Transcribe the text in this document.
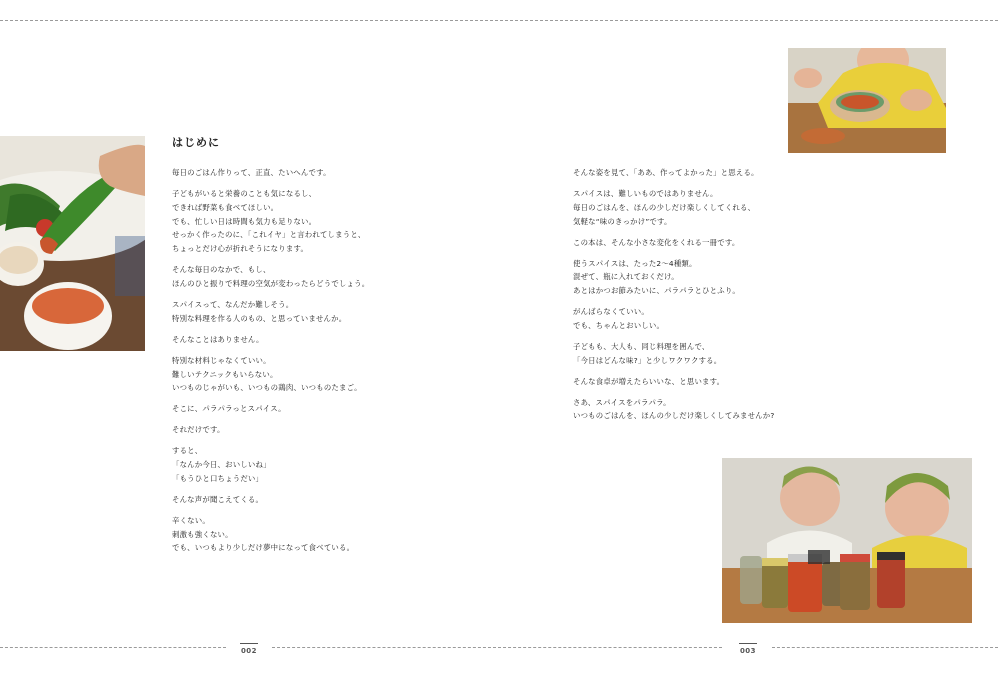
はじめに

毎日のごはん作りって、正直、たいへんです。

子どもがいると栄養のことも気になるし、
できれば野菜も食べてほしい。
でも、忙しい日は時間も気力も足りない。
せっかく作ったのに、「これイヤ」と言われてしまうと、
ちょっとだけ心が折れそうになります。

そんな毎日のなかで、もし、
ほんのひと振りで料理の空気が変わったらどうでしょう。

スパイスって、なんだか難しそう。
特別な料理を作る人のもの、と思っていませんか。

そんなことはありません。

特別な材料じゃなくていい。
難しいテクニックもいらない。
いつものじゃがいも、いつもの鶏肉、いつものたまご。

そこに、パラパラっとスパイス。

それだけです。

すると、
「なんか今日、おいしいね」
「もうひと口ちょうだい」

そんな声が聞こえてくる。

辛くない。
刺激も強くない。
でも、いつもより少しだけ夢中になって食べている。

そんな姿を見て、「ああ、作ってよかった」と思える。

スパイスは、難しいものではありません。
毎日のごはんを、ほんの少しだけ楽しくしてくれる、
気軽な“味のきっかけ”です。

この本は、そんな小さな変化をくれる一冊です。

使うスパイスは、たった2〜4種類。
混ぜて、瓶に入れておくだけ。
あとはかつお節みたいに、パラパラとひとふり。

がんばらなくていい。
でも、ちゃんとおいしい。

子どもも、大人も、同じ料理を囲んで、
「今日はどんな味?」と少しワクワクする。

そんな食卓が増えたらいいな、と思います。

さあ、スパイスをパラパラ。
いつものごはんを、ほんの少しだけ楽しくしてみませんか?

002	003
